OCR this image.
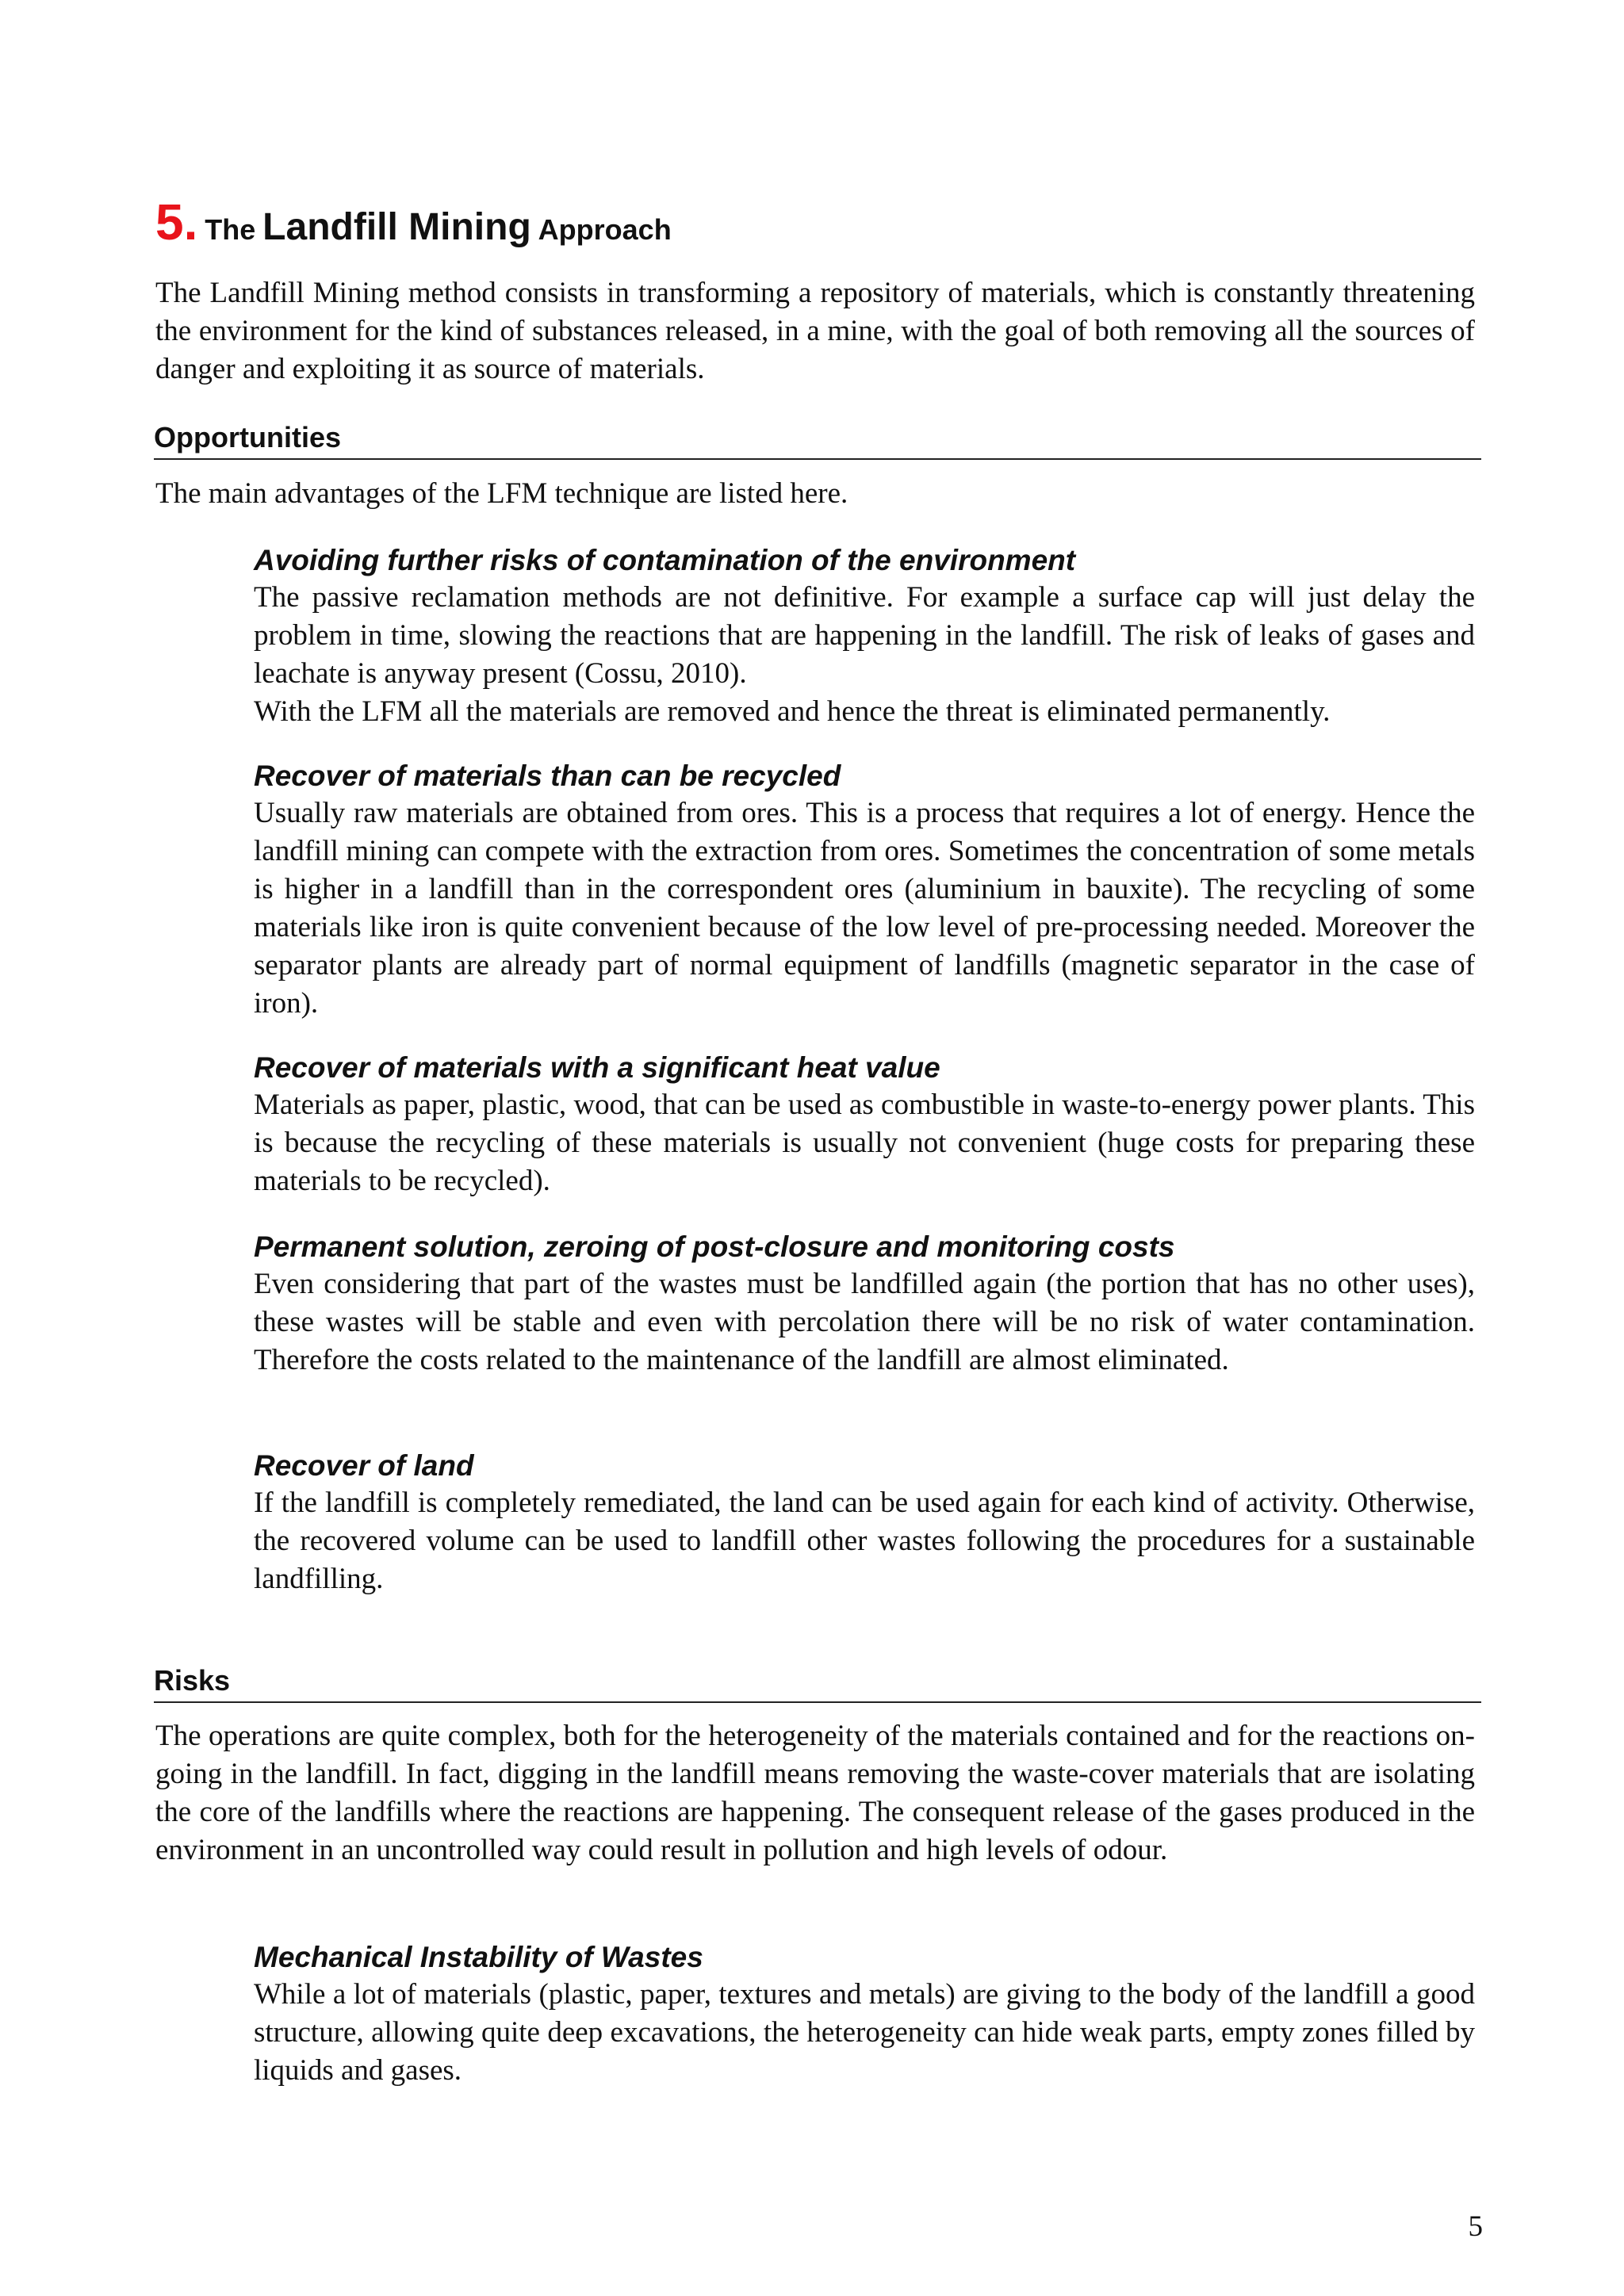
5. The Landfill Mining Approach

The Landfill Mining method consists in transforming a repository of materials, which is constantly threatening the environment for the kind of substances released, in a mine, with the goal of both removing all the sources of danger and exploiting it as source of materials.

Opportunities

The main advantages of the LFM technique are listed here.

Avoiding further risks of contamination of the environment

The passive reclamation methods are not definitive. For example a surface cap will just delay the problem in time, slowing the reactions that are happening in the landfill. The risk of leaks of gases and leachate is anyway present (Cossu, 2010).

With the LFM all the materials are removed and hence the threat is eliminated permanently.

Recover of materials than can be recycled

Usually raw materials are obtained from ores. This is a process that requires a lot of energy. Hence the landfill mining can compete with the extraction from ores. Sometimes the concentration of some metals is higher in a landfill than in the correspondent ores (aluminium in bauxite). The recycling of some materials like iron is quite convenient because of the low level of pre-processing needed. Moreover the separator plants are already part of normal equipment of landfills (magnetic separator in the case of iron).

Recover of materials with a significant heat value

Materials as paper, plastic, wood, that can be used as combustible in waste-to-energy power plants. This is because the recycling of these materials is usually not convenient (huge costs for preparing these materials to be recycled).

Permanent solution, zeroing of post-closure and monitoring costs

Even considering that part of the wastes must be landfilled again (the portion that has no other uses), these wastes will be stable and even with percolation there will be no risk of water contamination. Therefore the costs related to the maintenance of the landfill are almost eliminated.

Recover of land

If the landfill is completely remediated, the land can be used again for each kind of activity. Otherwise, the recovered volume can be used to landfill other wastes following the procedures for a sustainable landfilling.

Risks

The operations are quite complex, both for the heterogeneity of the materials contained and for the reactions on-going in the landfill. In fact, digging in the landfill means removing the waste-cover materials that are isolating the core of the landfills where the reactions are happening. The consequent release of the gases produced in the environment in an uncontrolled way could result in pollution and high levels of odour.

Mechanical Instability of Wastes

While a lot of materials (plastic, paper, textures and metals) are giving to the body of the landfill a good structure, allowing quite deep excavations, the heterogeneity can hide weak parts, empty zones filled by liquids and gases.

5
